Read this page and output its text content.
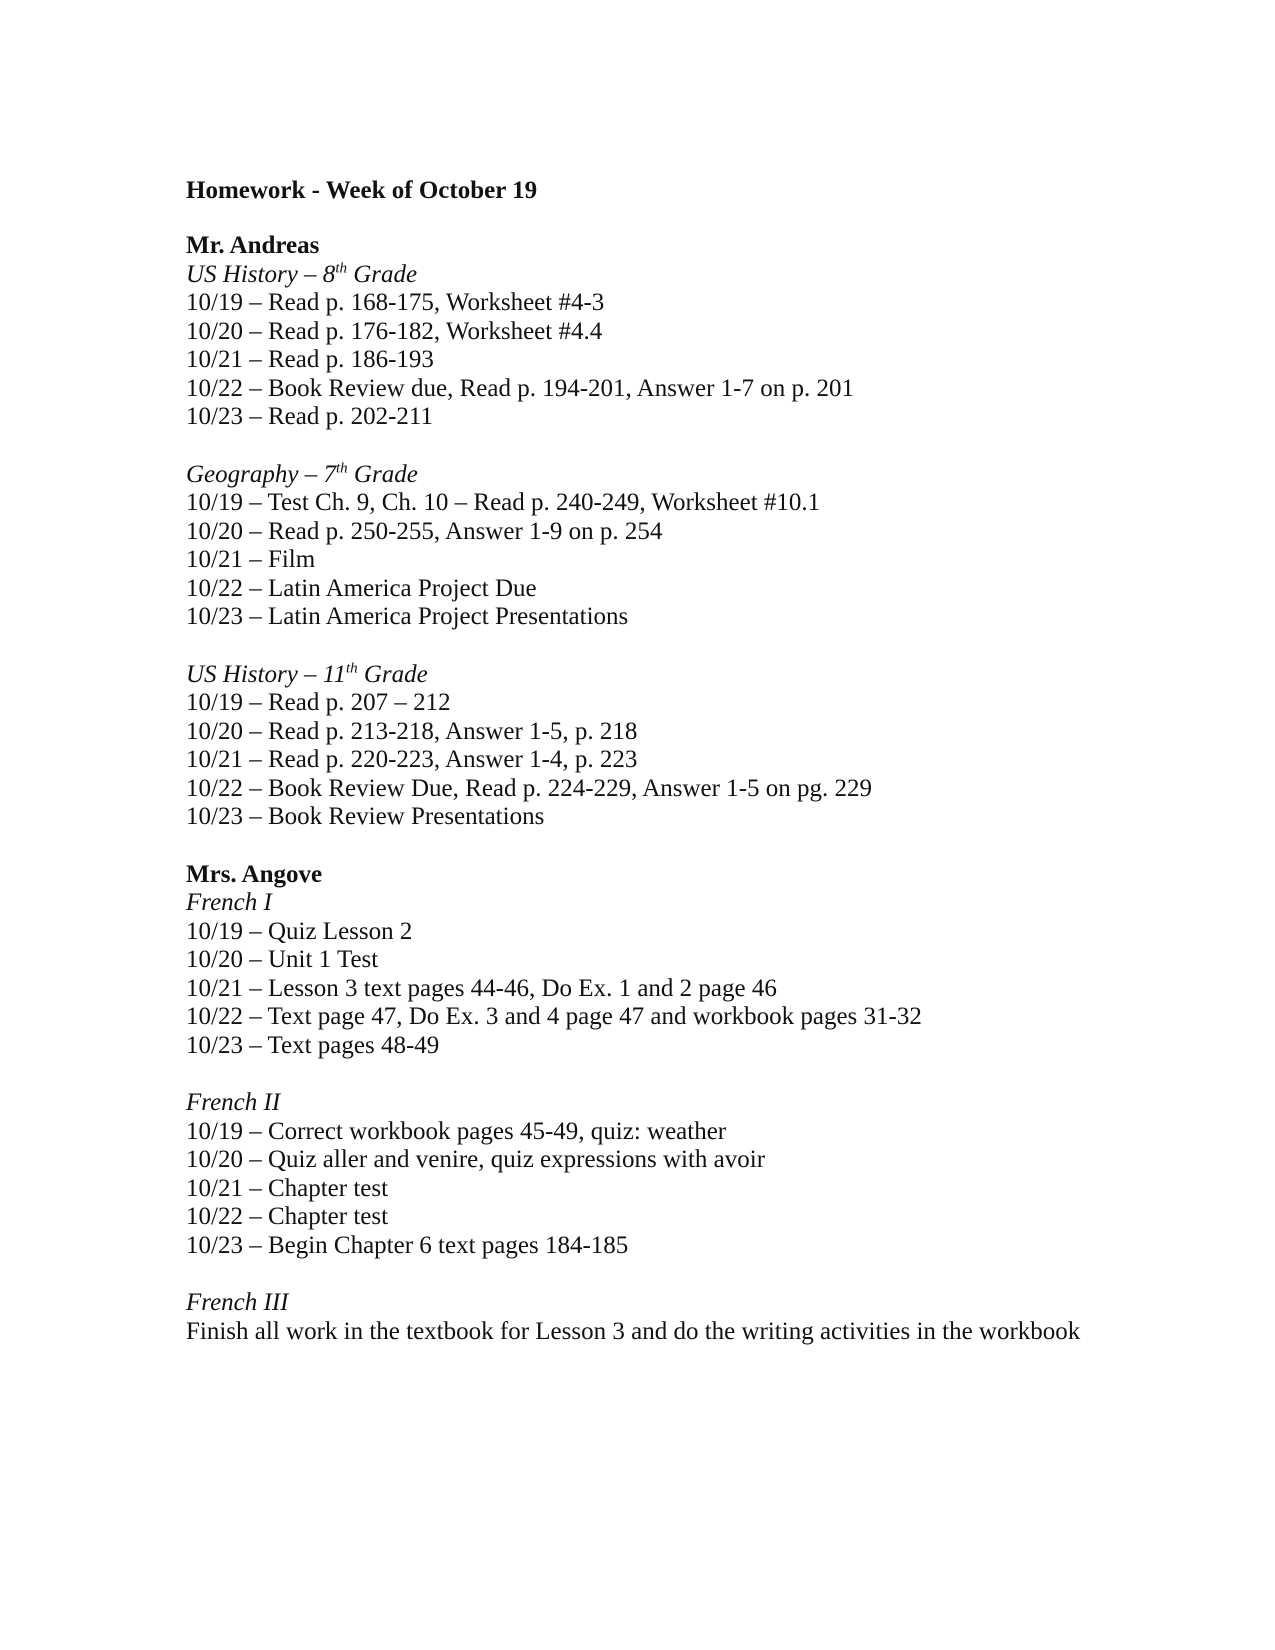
Homework - Week of October 19
Mr. Andreas

US History – 8th Grade

10/19 – Read p. 168-175, Worksheet #4-3

10/20 – Read p. 176-182, Worksheet #4.4

10/21 – Read p. 186-193

10/22 – Book Review due, Read p. 194-201, Answer 1-7 on p. 201

10/23 – Read p. 202-211

Geography – 7th Grade

10/19 – Test Ch. 9, Ch. 10 – Read p. 240-249, Worksheet #10.1

10/20 – Read p. 250-255, Answer 1-9 on p. 254

10/21 – Film

10/22 – Latin America Project Due

10/23 – Latin America Project Presentations

US History – 11th Grade

10/19 – Read p. 207 – 212

10/20 – Read p. 213-218, Answer 1-5, p. 218

10/21 – Read p. 220-223, Answer 1-4, p. 223

10/22 – Book Review Due, Read p. 224-229, Answer 1-5 on pg. 229

10/23 – Book Review Presentations

Mrs. Angove

French I

10/19 – Quiz Lesson 2

10/20 – Unit 1 Test

10/21 – Lesson 3 text pages 44-46, Do Ex. 1 and 2 page 46

10/22 – Text page 47, Do Ex. 3 and 4 page 47 and workbook pages 31-32

10/23 – Text pages 48-49

French II

10/19 – Correct workbook pages 45-49, quiz: weather

10/20 – Quiz aller and venire, quiz expressions with avoir

10/21 – Chapter test

10/22 – Chapter test

10/23 – Begin Chapter 6 text pages 184-185

French III

Finish all work in the textbook for Lesson 3 and do the writing activities in the workbook
